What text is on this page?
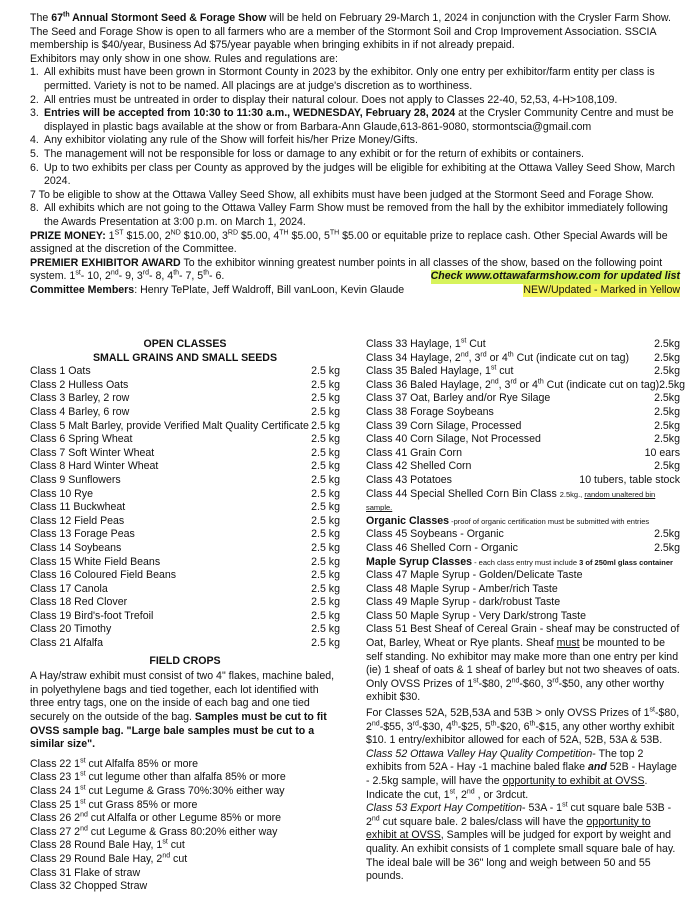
The 67th Annual Stormont Seed & Forage Show will be held on February 29-March 1, 2024 in conjunction with the Crysler Farm Show. The Seed and Forage Show is open to all farmers who are a member of the Stormont Soil and Crop Improvement Association. SSCIA membership is $40/year, Business Ad $75/year payable when bringing exhibits in if not already prepaid.

Exhibitors may only show in one show. Rules and regulations are:

1. All exhibits must have been grown in Stormont County in 2023 by the exhibitor. Only one entry per exhibitor/farm entity per class is permitted. Variety is not to be named. All placings are at judge's discretion as to worthiness.
2. All entries must be untreated in order to display their natural colour. Does not apply to Classes 22-40, 52,53, 4-H>108,109.
3. Entries will be accepted from 10:30 to 11:30 a.m., WEDNESDAY, February 28, 2024 at the Crysler Community Centre and must be displayed in plastic bags available at the show or from Barbara-Ann Glaude,613-861-9080, stormontscia@gmail.com
4. Any exhibitor violating any rule of the Show will forfeit his/her Prize Money/Gifts.
5. The management will not be responsible for loss or damage to any exhibit or for the return of exhibits or containers.
6. Up to two exhibits per class per County as approved by the judges will be eligible for exhibiting at the Ottawa Valley Seed Show, March 2024.

7 To be eligible to show at the Ottawa Valley Seed Show, all exhibits must have been judged at the Stormont Seed and Forage Show.

8. All exhibits which are not going to the Ottawa Valley Farm Show must be removed from the hall by the exhibitor immediately following the Awards Presentation at 3:00 p.m. on March 1, 2024.

PRIZE MONEY: 1ST $15.00, 2ND $10.00, 3RD $5.00, 4TH $5.00, 5TH $5.00 or equitable prize to replace cash. Other Special Awards will be assigned at the discretion of the Committee.

PREMIER EXHIBITOR AWARD To the exhibitor winning greatest number points in all classes of the show, based on the following point system. 1st- 10, 2nd- 9, 3rd- 8, 4th- 7, 5th- 6.	Check www.ottawafarmshow.com for updated list

Committee Members: Henry TePlate, Jeff Waldroff, Bill vanLoon, Kevin Glaude	NEW/Updated - Marked in Yellow

OPEN CLASSES
SMALL GRAINS AND SMALL SEEDS
Class 1 Oats	2.5 kg
Class 2 Hulless Oats	2.5 kg
Class 3 Barley, 2 row	2.5 kg
Class 4 Barley, 6 row	2.5 kg
Class 5 Malt Barley, provide Verified Malt Quality Certificate 2.5 kg
Class 6 Spring Wheat	2.5 kg
Class 7 Soft Winter Wheat	2.5 kg
Class 8 Hard Winter Wheat	2.5 kg
Class 9 Sunflowers	2.5 kg
Class 10 Rye	2.5 kg
Class 11 Buckwheat	2.5 kg
Class 12 Field Peas	2.5 kg
Class 13 Forage Peas	2.5 kg
Class 14 Soybeans	2.5 kg
Class 15 White Field Beans	2.5 kg
Class 16 Coloured Field Beans	2.5 kg
Class 17 Canola	2.5 kg
Class 18 Red Clover	2.5 kg
Class 19 Bird's-foot Trefoil	2.5 kg
Class 20 Timothy	2.5 kg
Class 21 Alfalfa	2.5 kg
FIELD CROPS

A Hay/straw exhibit must consist of two 4" flakes, machine baled, in polyethylene bags and tied together, each lot identified with three entry tags, one on the inside of each bag and one tied securely on the outside of the bag. Samples must be cut to fit OVSS sample bag. "Large bale samples must be cut to a similar size".

Class 22 1st cut Alfalfa 85% or more
Class 23 1st cut legume other than alfalfa 85% or more
Class 24 1st cut Legume & Grass 70%:30% either way
Class 25 1st cut Grass 85% or more
Class 26 2nd cut Alfalfa or other Legume 85% or more
Class 27 2nd cut Legume & Grass 80:20% either way
Class 28 Round Bale Hay, 1st cut
Class 29 Round Bale Hay, 2nd cut
Class 31 Flake of straw
Class 32 Chopped Straw
Class 33 Haylage, 1st Cut	2.5kg
Class 34 Haylage, 2nd, 3rd or 4th Cut (indicate cut on tag) 2.5kg
Class 35 Baled Haylage, 1st cut	2.5kg
Class 36 Baled Haylage, 2nd, 3rd or 4th Cut (indicate cut on tag) 2.5kg
Class 37 Oat, Barley and/or Rye Silage	2.5kg
Class 38 Forage Soybeans	2.5kg
Class 39 Corn Silage, Processed	2.5kg
Class 40 Corn Silage, Not Processed	2.5kg
Class 41 Grain Corn	10 ears
Class 42 Shelled Corn	2.5kg
Class 43 Potatoes	10 tubers, table stock

Class 44 Special Shelled Corn Bin Class 2.5kg., random unaltered bin sample.

Organic Classes -proof of organic certification must be submitted with entries

Class 45 Soybeans - Organic	2.5kg
Class 46 Shelled Corn - Organic	2.5kg

Maple Syrup Classes - each class entry must include 3 of 250ml glass container

Class 47 Maple Syrup - Golden/Delicate Taste
Class 48 Maple Syrup - Amber/rich Taste
Class 49 Maple Syrup - dark/robust Taste
Class 50 Maple Syrup - Very Dark/strong Taste

Class 51 Best Sheaf of Cereal Grain - sheaf may be constructed of Oat, Barley, Wheat or Rye plants. Sheaf must be mounted to be self standing. No exhibitor may make more than one entry per kind (ie) 1 sheaf of oats & 1 sheaf of barley but not two sheaves of oats. Only OVSS Prizes of 1st-$80, 2nd-$60, 3rd-$50, any other worthy exhibit $30.

For Classes 52A, 52B,53A and 53B > only OVSS Prizes of 1st-$80, 2nd-$55, 3rd-$30, 4th-$25, 5th-$20, 6th-$15, any other worthy exhibit $10. 1 entry/exhibitor allowed for each of 52A, 52B, 53A & 53B.

Class 52 Ottawa Valley Hay Quality Competition- The top 2 exhibits from 52A - Hay -1 machine baled flake and 52B - Haylage - 2.5kg sample, will have the opportunity to exhibit at OVSS. Indicate the cut, 1st, 2nd , or 3rdcut.

Class 53 Export Hay Competition- 53A - 1st cut square bale 53B - 2nd cut square bale. 2 bales/class will have the opportunity to exhibit at OVSS, Samples will be judged for export by weight and quality. An exhibit consists of 1 complete small square bale of hay. The ideal bale will be 36" long and weigh between 50 and 55 pounds.
